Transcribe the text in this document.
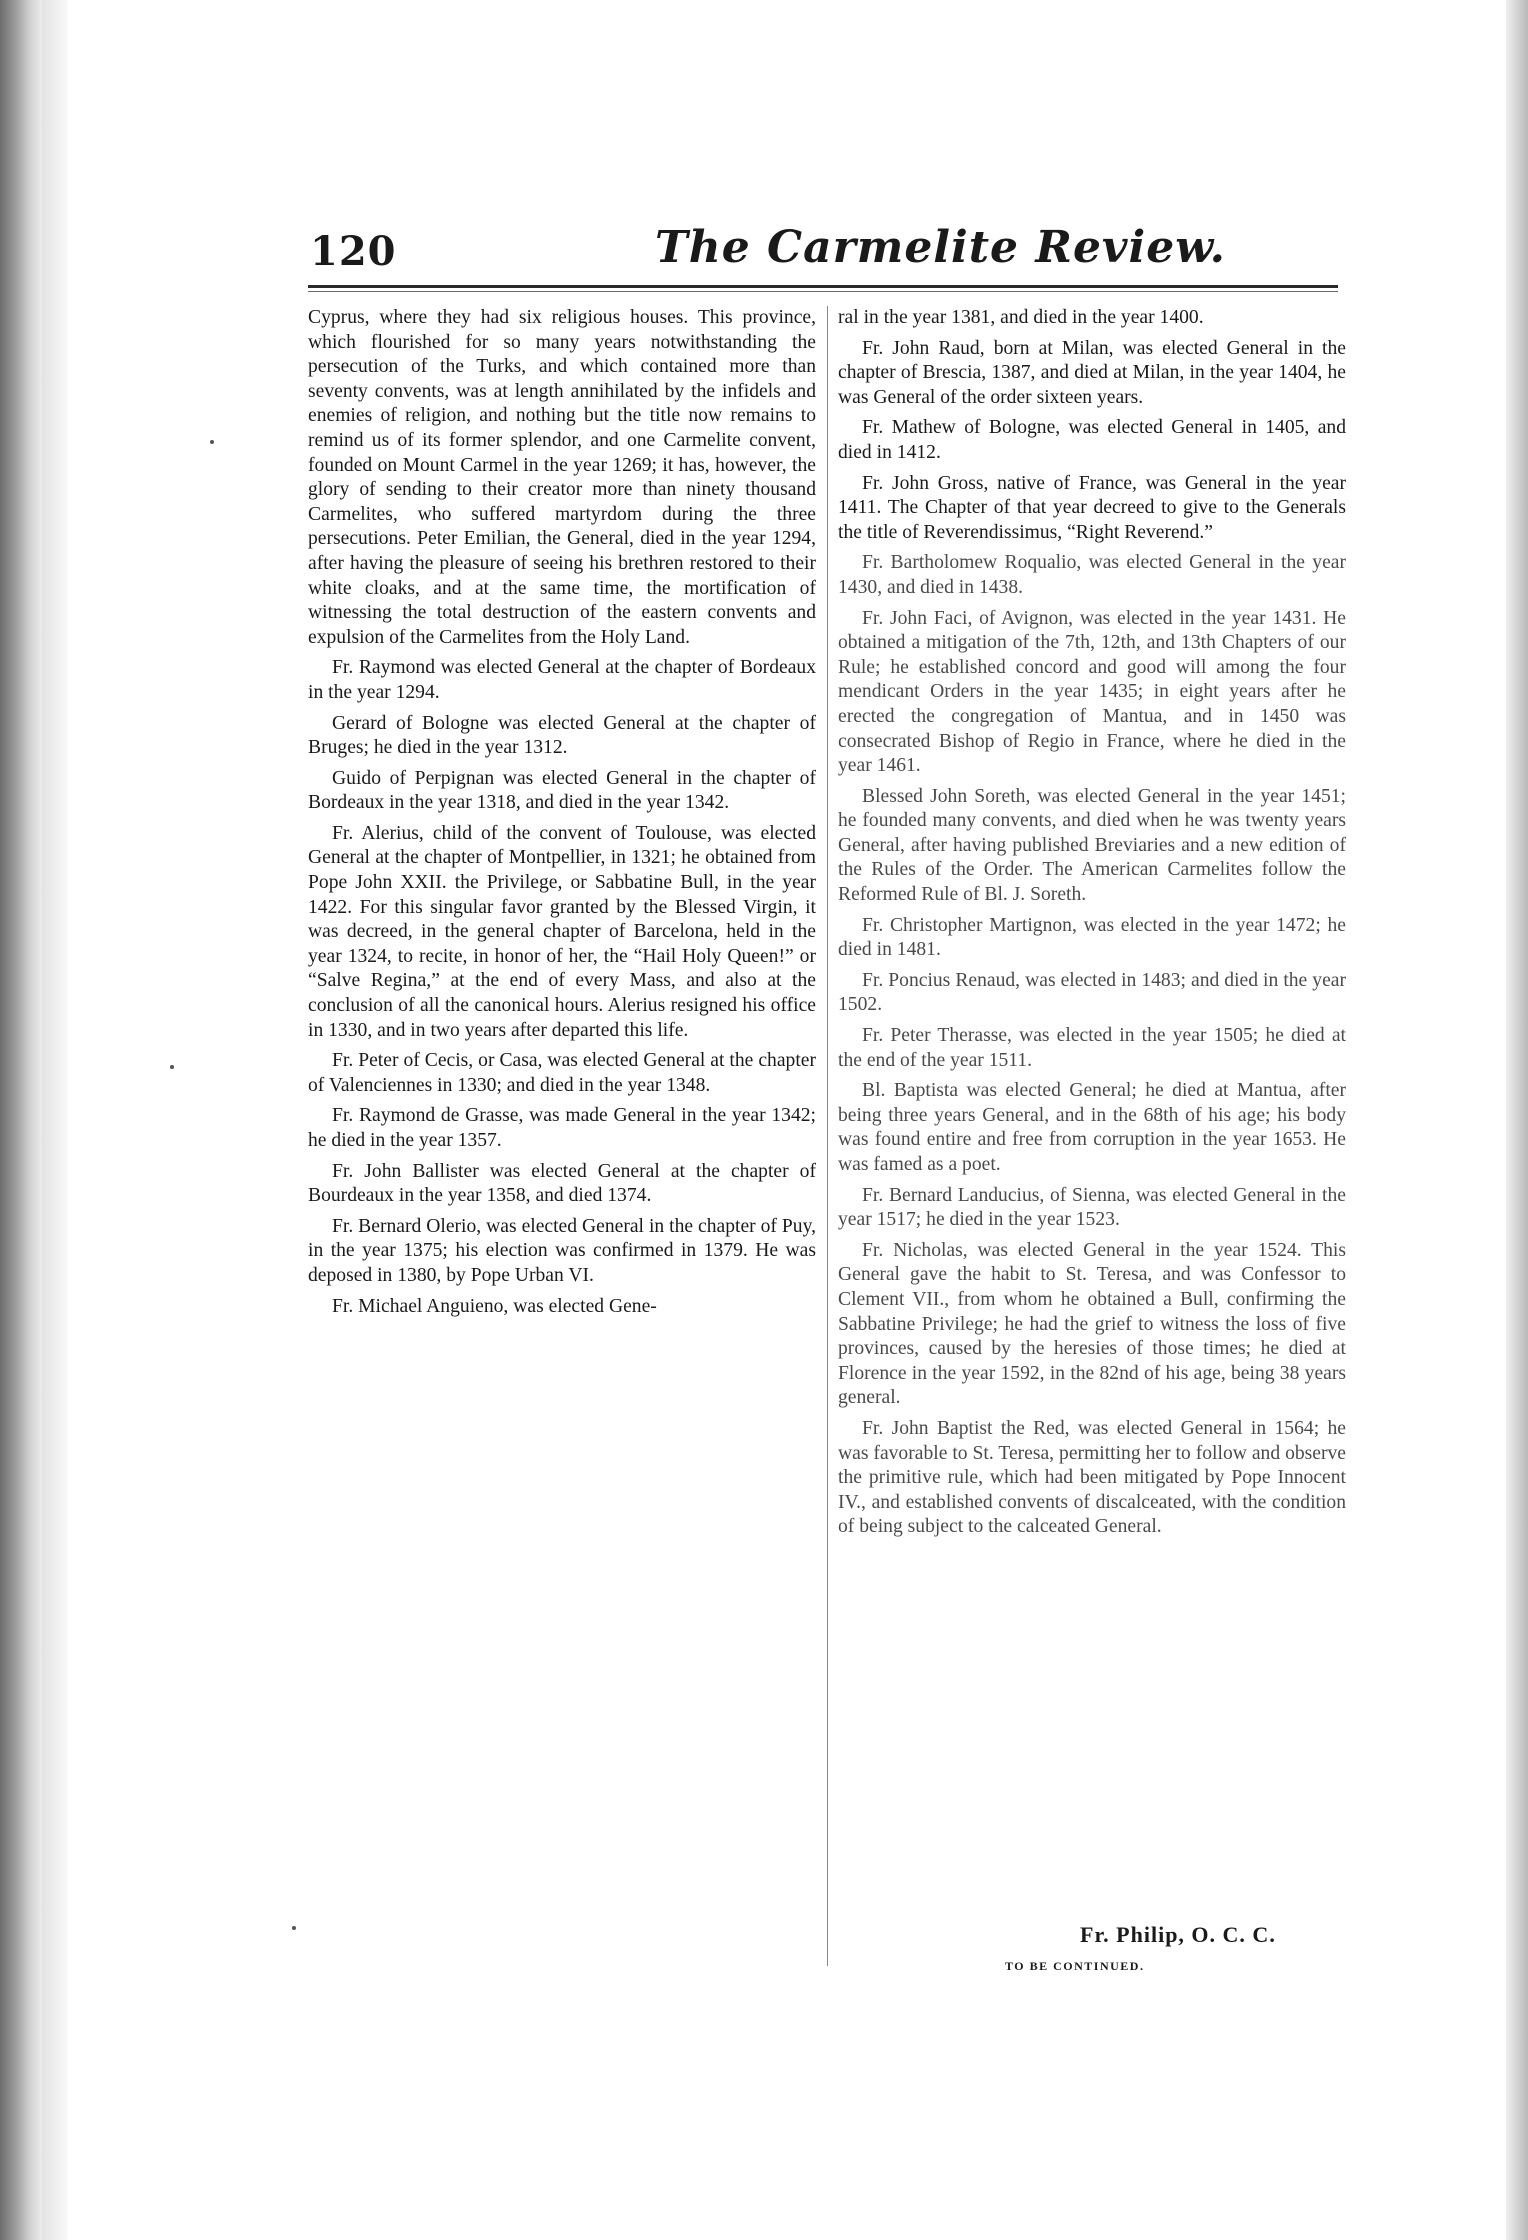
120	The Carmelite Review.

Cyprus, where they had six religious houses. This province, which flourished for so many years notwithstanding the persecution of the Turks, and which contained more than seventy convents, was at length annihilated by the infidels and enemies of religion, and nothing but the title now remains to remind us of its former splendor, and one Carmelite convent, founded on Mount Carmel in the year 1269; it has, however, the glory of sending to their creator more than ninety thousand Carmelites, who suffered martyrdom during the three persecutions. Peter Emilian, the General, died in the year 1294, after having the pleasure of seeing his brethren restored to their white cloaks, and at the same time, the mortification of witnessing the total destruction of the eastern convents and expulsion of the Carmelites from the Holy Land.

Fr. Raymond was elected General at the chapter of Bordeaux in the year 1294.

Gerard of Bologne was elected General at the chapter of Bruges; he died in the year 1312.

Guido of Perpignan was elected General in the chapter of Bordeaux in the year 1318, and died in the year 1342.

Fr. Alerius, child of the convent of Toulouse, was elected General at the chapter of Montpellier, in 1321; he obtained from Pope John XXII. the Privilege, or Sabbatine Bull, in the year 1422. For this singular favor granted by the Blessed Virgin, it was decreed, in the general chapter of Barcelona, held in the year 1324, to recite, in honor of her, the “Hail Holy Queen!” or “Salve Regina,” at the end of every Mass, and also at the conclusion of all the canonical hours. Alerius resigned his office in 1330, and in two years after departed this life.

Fr. Peter of Cecis, or Casa, was elected General at the chapter of Valenciennes in 1330; and died in the year 1348.

Fr. Raymond de Grasse, was made General in the year 1342; he died in the year 1357.

Fr. John Ballister was elected General at the chapter of Bourdeaux in the year 1358, and died 1374.

Fr. Bernard Olerio, was elected General in the chapter of Puy, in the year 1375; his election was confirmed in 1379. He was deposed in 1380, by Pope Urban VI.

Fr. Michael Anguieno, was elected Gene-

ral in the year 1381, and died in the year 1400.

Fr. John Raud, born at Milan, was elected General in the chapter of Brescia, 1387, and died at Milan, in the year 1404, he was General of the order sixteen years.

Fr. Mathew of Bologne, was elected General in 1405, and died in 1412.

Fr. John Gross, native of France, was General in the year 1411. The Chapter of that year decreed to give to the Generals the title of Reverendissimus, “Right Reverend.”

Fr. Bartholomew Roqualio, was elected General in the year 1430, and died in 1438.

Fr. John Faci, of Avignon, was elected in the year 1431. He obtained a mitigation of the 7th, 12th, and 13th Chapters of our Rule; he established concord and good will among the four mendicant Orders in the year 1435; in eight years after he erected the congregation of Mantua, and in 1450 was consecrated Bishop of Regio in France, where he died in the year 1461.

Blessed John Soreth, was elected General in the year 1451; he founded many convents, and died when he was twenty years General, after having published Breviaries and a new edition of the Rules of the Order. The American Carmelites follow the Reformed Rule of Bl. J. Soreth.

Fr. Christopher Martignon, was elected in the year 1472; he died in 1481.

Fr. Poncius Renaud, was elected in 1483; and died in the year 1502.

Fr. Peter Therasse, was elected in the year 1505; he died at the end of the year 1511.

Bl. Baptista was elected General; he died at Mantua, after being three years General, and in the 68th of his age; his body was found entire and free from corruption in the year 1653. He was famed as a poet.

Fr. Bernard Landucius, of Sienna, was elected General in the year 1517; he died in the year 1523.

Fr. Nicholas, was elected General in the year 1524. This General gave the habit to St. Teresa, and was Confessor to Clement VII., from whom he obtained a Bull, confirming the Sabbatine Privilege; he had the grief to witness the loss of five provinces, caused by the heresies of those times; he died at Florence in the year 1592, in the 82nd of his age, being 38 years general.

Fr. John Baptist the Red, was elected General in 1564; he was favorable to St. Teresa, permitting her to follow and observe the primitive rule, which had been mitigated by Pope Innocent IV., and established convents of discalceated, with the condition of being subject to the calceated General.

Fr. Philip, O. C. C.
TO BE CONTINUED.
